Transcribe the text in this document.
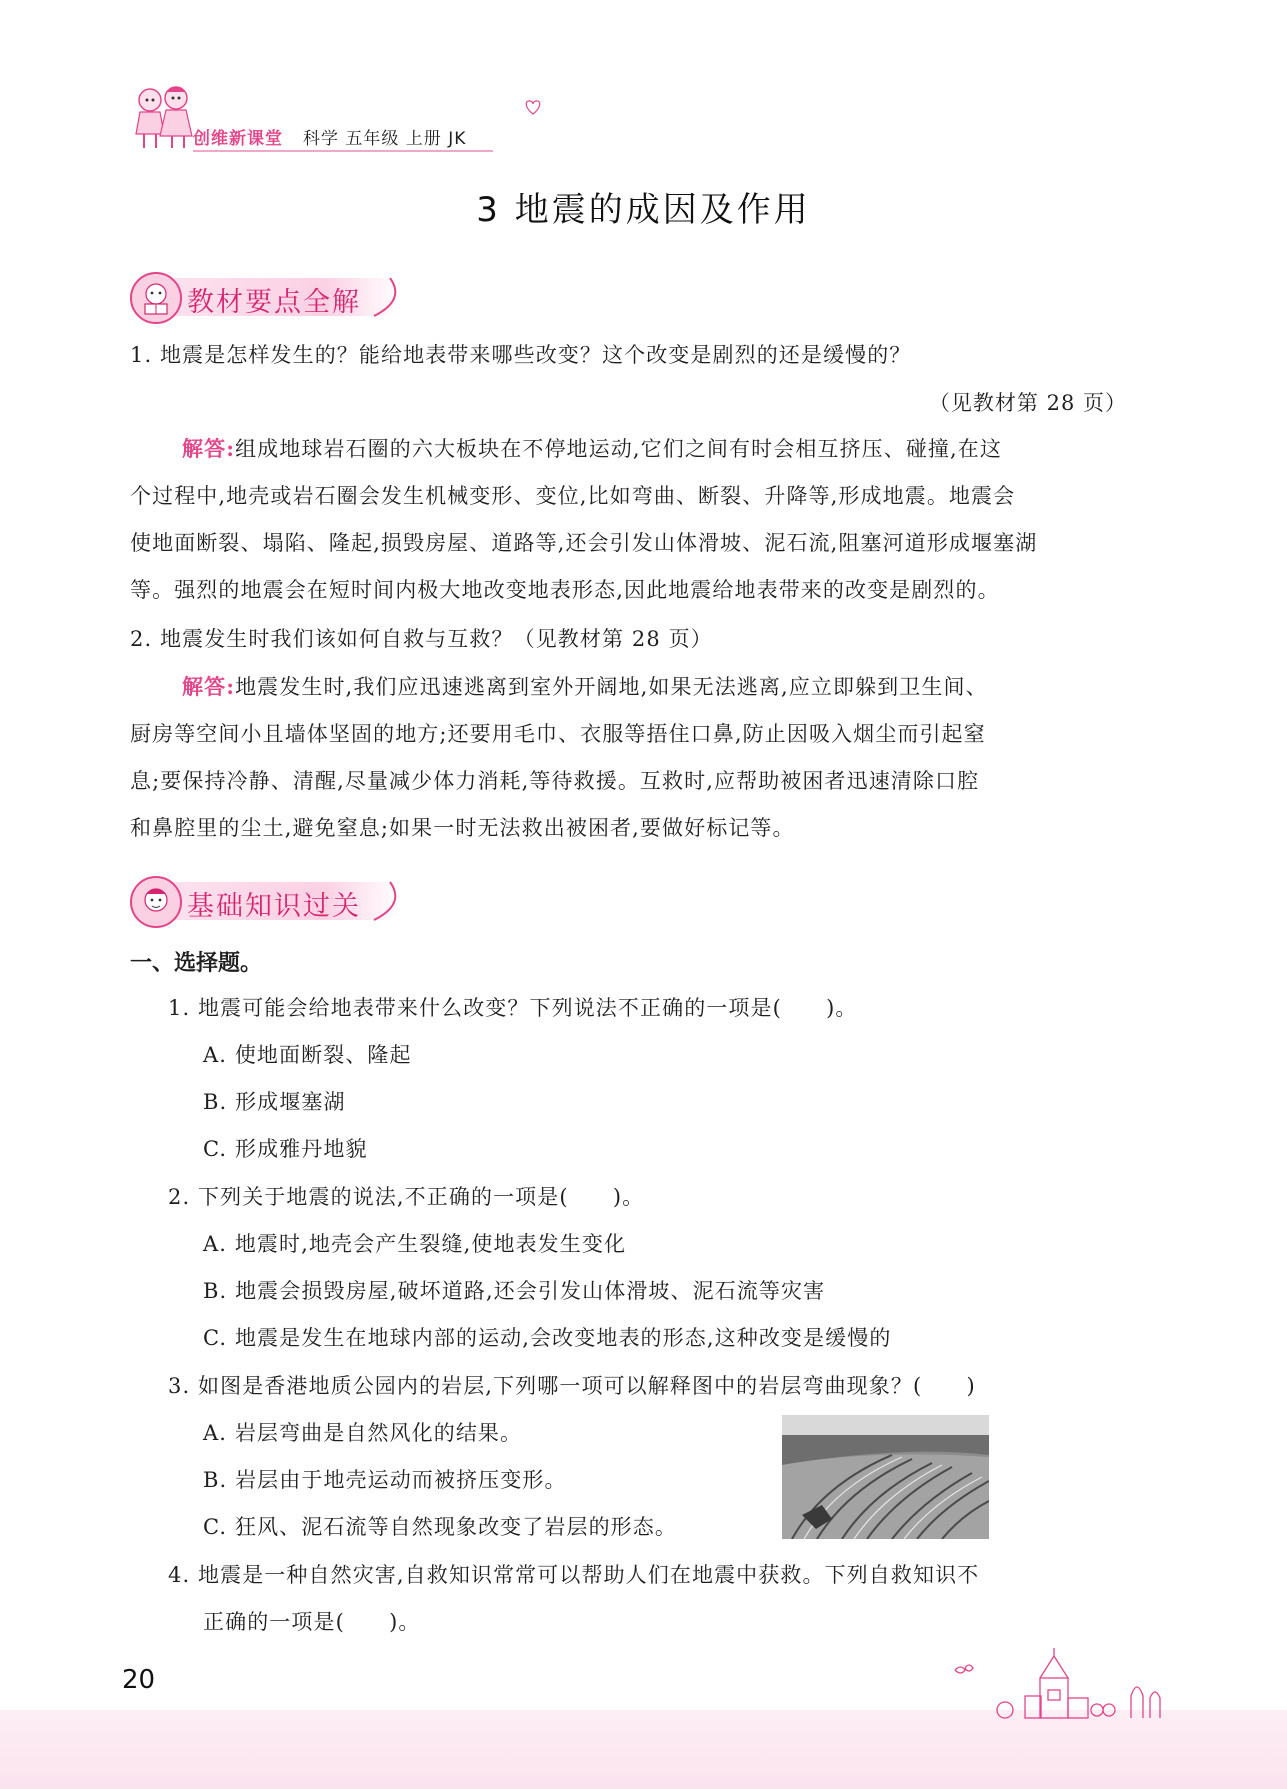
创维新课堂 科学 五年级 上册 JK
3 地震的成因及作用
教材要点全解
1. 地震是怎样发生的？能给地表带来哪些改变？这个改变是剧烈的还是缓慢的？
（见教材第 28 页）
解答:组成地球岩石圈的六大板块在不停地运动,它们之间有时会相互挤压、碰撞,在这
个过程中,地壳或岩石圈会发生机械变形、变位,比如弯曲、断裂、升降等,形成地震。地震会
使地面断裂、塌陷、隆起,损毁房屋、道路等,还会引发山体滑坡、泥石流,阻塞河道形成堰塞湖
等。强烈的地震会在短时间内极大地改变地表形态,因此地震给地表带来的改变是剧烈的。
2. 地震发生时我们该如何自救与互救？（见教材第 28 页）
解答:地震发生时,我们应迅速逃离到室外开阔地,如果无法逃离,应立即躲到卫生间、
厨房等空间小且墙体坚固的地方;还要用毛巾、衣服等捂住口鼻,防止因吸入烟尘而引起窒
息;要保持冷静、清醒,尽量减少体力消耗,等待救援。互救时,应帮助被困者迅速清除口腔
和鼻腔里的尘土,避免窒息;如果一时无法救出被困者,要做好标记等。
基础知识过关
一、选择题。
1. 地震可能会给地表带来什么改变？下列说法不正确的一项是(　　)。
A. 使地面断裂、隆起
B. 形成堰塞湖
C. 形成雅丹地貌
2. 下列关于地震的说法,不正确的一项是(　　)。
A. 地震时,地壳会产生裂缝,使地表发生变化
B. 地震会损毁房屋,破坏道路,还会引发山体滑坡、泥石流等灾害
C. 地震是发生在地球内部的运动,会改变地表的形态,这种改变是缓慢的
3. 如图是香港地质公园内的岩层,下列哪一项可以解释图中的岩层弯曲现象？(　　)
A. 岩层弯曲是自然风化的结果。
B. 岩层由于地壳运动而被挤压变形。
C. 狂风、泥石流等自然现象改变了岩层的形态。
4. 地震是一种自然灾害,自救知识常常可以帮助人们在地震中获救。下列自救知识不
正确的一项是(　　)。
20
